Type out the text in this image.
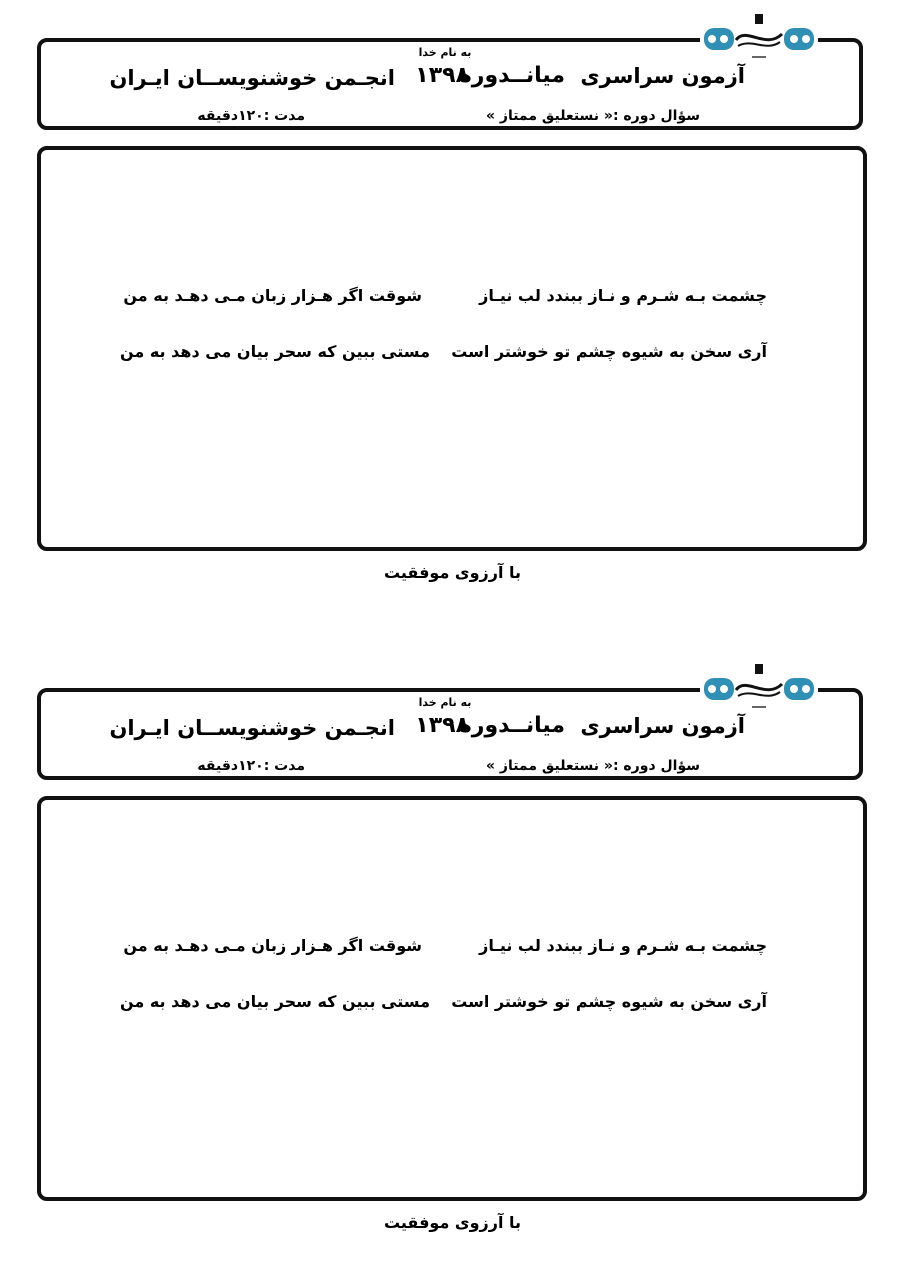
به نام خدا
آزمون سراسری
میانــدوره
۱۳۹۸
انجـمن خوشنویســان ایـران
سؤال دوره :« نستعلیق ممتاز »
مدت :۱۲۰دقیقه
چشمت بـه شـرم و نـاز ببندد لب نیـاز
شوقت اگر هـزار زبان مـی دهـد به من
آری سخن به شیوه چشم تو خوشتر است
مستی ببین که سحر بیان می دهد به من
با آرزوی موفقیت
به نام خدا
آزمون سراسری
میانــدوره
۱۳۹۸
انجـمن خوشنویســان ایـران
سؤال دوره :« نستعلیق ممتاز »
مدت :۱۲۰دقیقه
چشمت بـه شـرم و نـاز ببندد لب نیـاز
شوقت اگر هـزار زبان مـی دهـد به من
آری سخن به شیوه چشم تو خوشتر است
مستی ببین که سحر بیان می دهد به من
با آرزوی موفقیت
